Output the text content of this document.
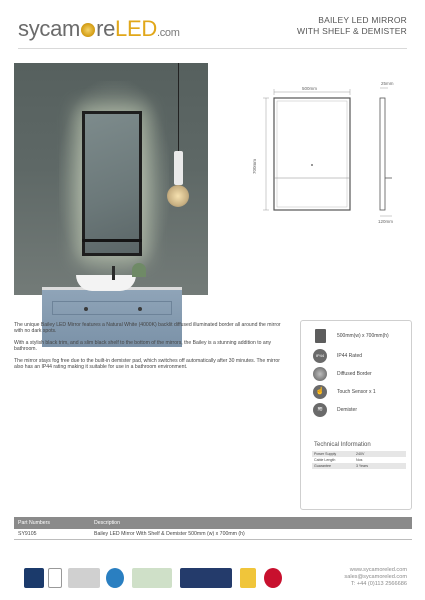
sycam reLED.com
BAILEY LED MIRROR
WITH SHELF & DEMISTER
500mm
700mm
25mm
120mm

The unique Bailey LED Mirror features a Natural White (4000K) backlit diffused illuminated border all around the mirror with no dark spots.

With a stylish black trim, and a slim black shelf to the bottom of the mirrors, the Bailey is a stunning addition to any bathroom.

The mirror stays fog free due to the built-in demister pad, which switches off automatically after 30 minutes. The mirror also has an IP44 rating making it suitable for use in a bathroom environment.

500mm(w) x 700mm(h)
IP44	IP44 Rated
Diffused Border
☝	Touch Sensor x 1
≋	Demister
Technical Information
Power Supply	240V
Cable Length	Nos
Guarantee	3 Years
Part Numbers	Description
SY9105	Bailey LED Mirror With Shelf & Demister 500mm (w) x 700mm (h)
www.sycamoreled.com
sales@sycamoreled.com
T: +44 (0)113 2566686
